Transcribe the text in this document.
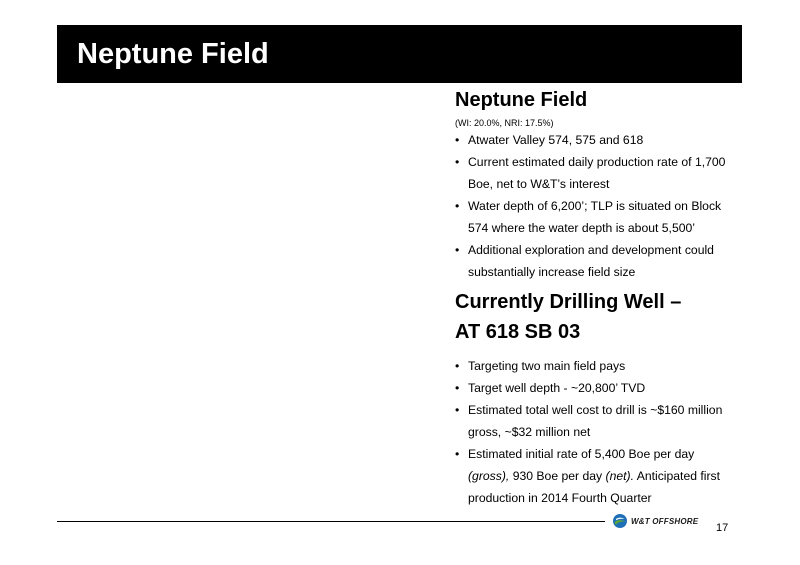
Neptune Field
Neptune Field
(WI: 20.0%, NRI: 17.5%)
• Atwater Valley 574, 575 and 618
• Current estimated daily production rate of 1,700
Boe, net to W&T’s interest
• Water depth of 6,200’; TLP is situated on Block
574 where the water depth is about 5,500’
• Additional exploration and development could
substantially increase field size
Currently Drilling Well –
AT 618 SB 03
• Targeting two main field pays
• Target well depth - ~20,800’ TVD
• Estimated total well cost to drill is ~$160 million
gross, ~$32 million net
• Estimated initial rate of 5,400 Boe per day
(gross), 930 Boe per day (net). Anticipated first
production in 2014 Fourth Quarter
W&T OFFSHORE
17
